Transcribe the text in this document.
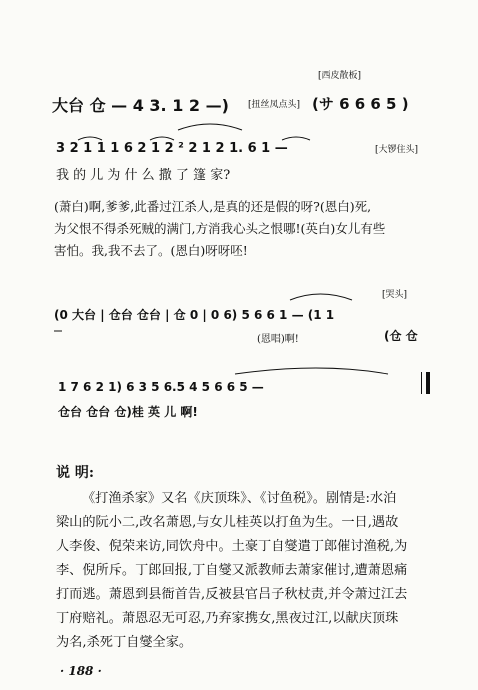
[西皮散板]
大台 仓 — 4 3. 1 2 —) [扭丝凤点头] (サ 6 6 6 5 )
3 2 1 1 1 6 2 1 2 ² 2 1 2 1. 6 1 —	[大锣住头]
我 的 儿 为 什 么 撒 了 篷 家?
(萧白)啊,爹爹,此番过江杀人,是真的还是假的呀?(恩白)死,
为父恨不得杀死贼的满门,方消我心头之恨哪!(英白)女儿有些
害怕。我,我不去了。(恩白)呀呀呸!
[哭头]
(0 大台 | 仓台 仓台 | 仓 0 | 0 6) 5 6 6 1 — (1 1
(恩唱)啊!	(仓 仓
1 7 6 2 1) 6 3 5 6.5 4 5 6 6 5 —
仓台 仓台 仓)桂 英 儿 啊!
说 明:
《打渔杀家》又名《庆顶珠》、《讨鱼税》。剧情是:水泊
梁山的阮小二,改名萧恩,与女儿桂英以打鱼为生。一日,遇故
人李俊、倪荣来访,同饮舟中。土豪丁自燮遣丁郎催讨渔税,为
李、倪所斥。丁郎回报,丁自燮又派教师去萧家催讨,遭萧恩痛
打而逃。萧恩到县衙首告,反被县官吕子秋杖责,并令萧过江去
丁府赔礼。萧恩忍无可忍,乃弃家携女,黑夜过江,以献庆顶珠
为名,杀死丁自燮全家。
· 188 ·
